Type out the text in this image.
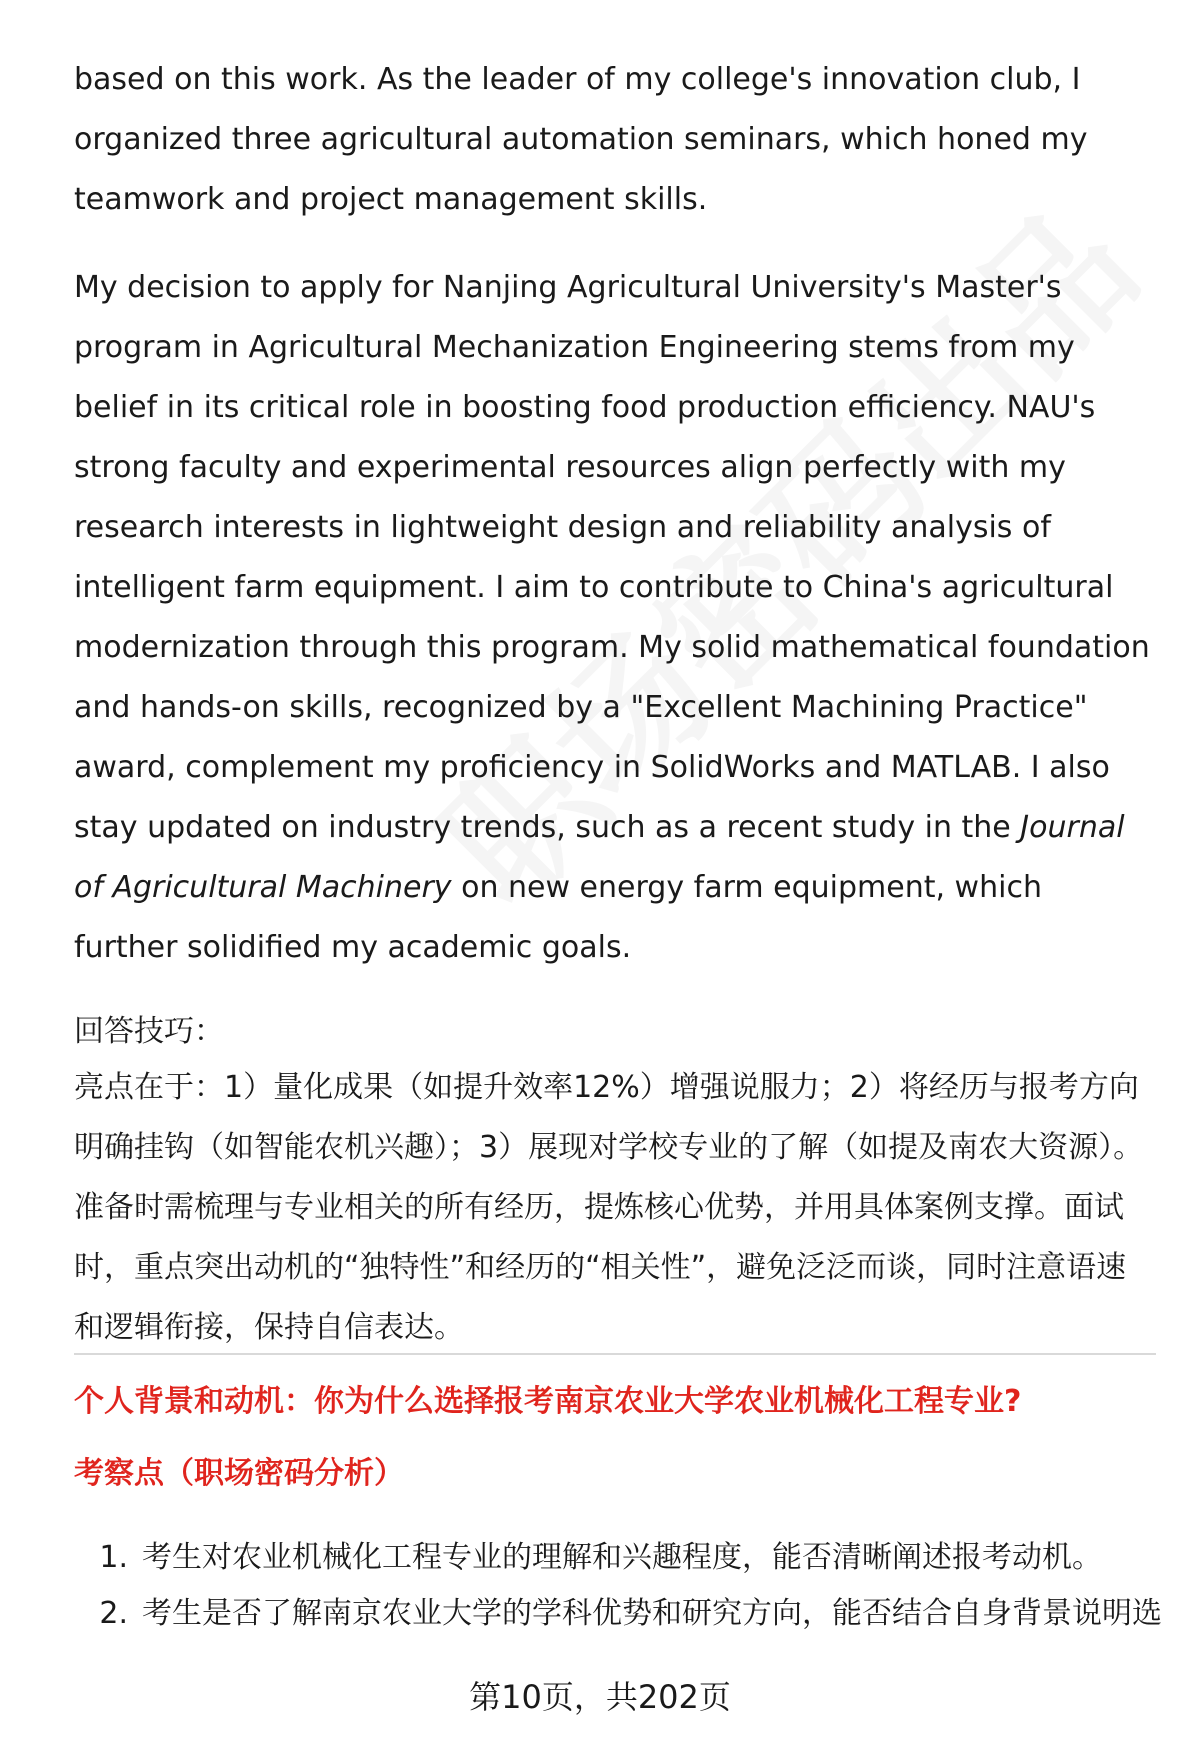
based on this work. As the leader of my college's innovation club, I organized three agricultural automation seminars, which honed my teamwork and project management skills.

My decision to apply for Nanjing Agricultural University's Master's program in Agricultural Mechanization Engineering stems from my belief in its critical role in boosting food production efficiency. NAU's strong faculty and experimental resources align perfectly with my research interests in lightweight design and reliability analysis of intelligent farm equipment. I aim to contribute to China's agricultural modernization through this program. My solid mathematical foundation and hands-on skills, recognized by a "Excellent Machining Practice" award, complement my proficiency in SolidWorks and MATLAB. I also stay updated on industry trends, such as a recent study in the Journal of Agricultural Machinery on new energy farm equipment, which further solidified my academic goals.

回答技巧：

亮点在于：1）量化成果（如提升效率12%）增强说服力；2）将经历与报考方向明确挂钩（如智能农机兴趣）；3）展现对学校专业的了解（如提及南农大资源）。准备时需梳理与专业相关的所有经历，提炼核心优势，并用具体案例支撑。面试时，重点突出动机的“独特性”和经历的“相关性”，避免泛泛而谈，同时注意语速和逻辑衔接，保持自信表达。

个人背景和动机：你为什么选择报考南京农业大学农业机械化工程专业?
考察点（职场密码分析）
1. 考生对农业机械化工程专业的理解和兴趣程度，能否清晰阐述报考动机。
2. 考生是否了解南京农业大学的学科优势和研究方向，能否结合自身背景说明选
第10页，共202页
